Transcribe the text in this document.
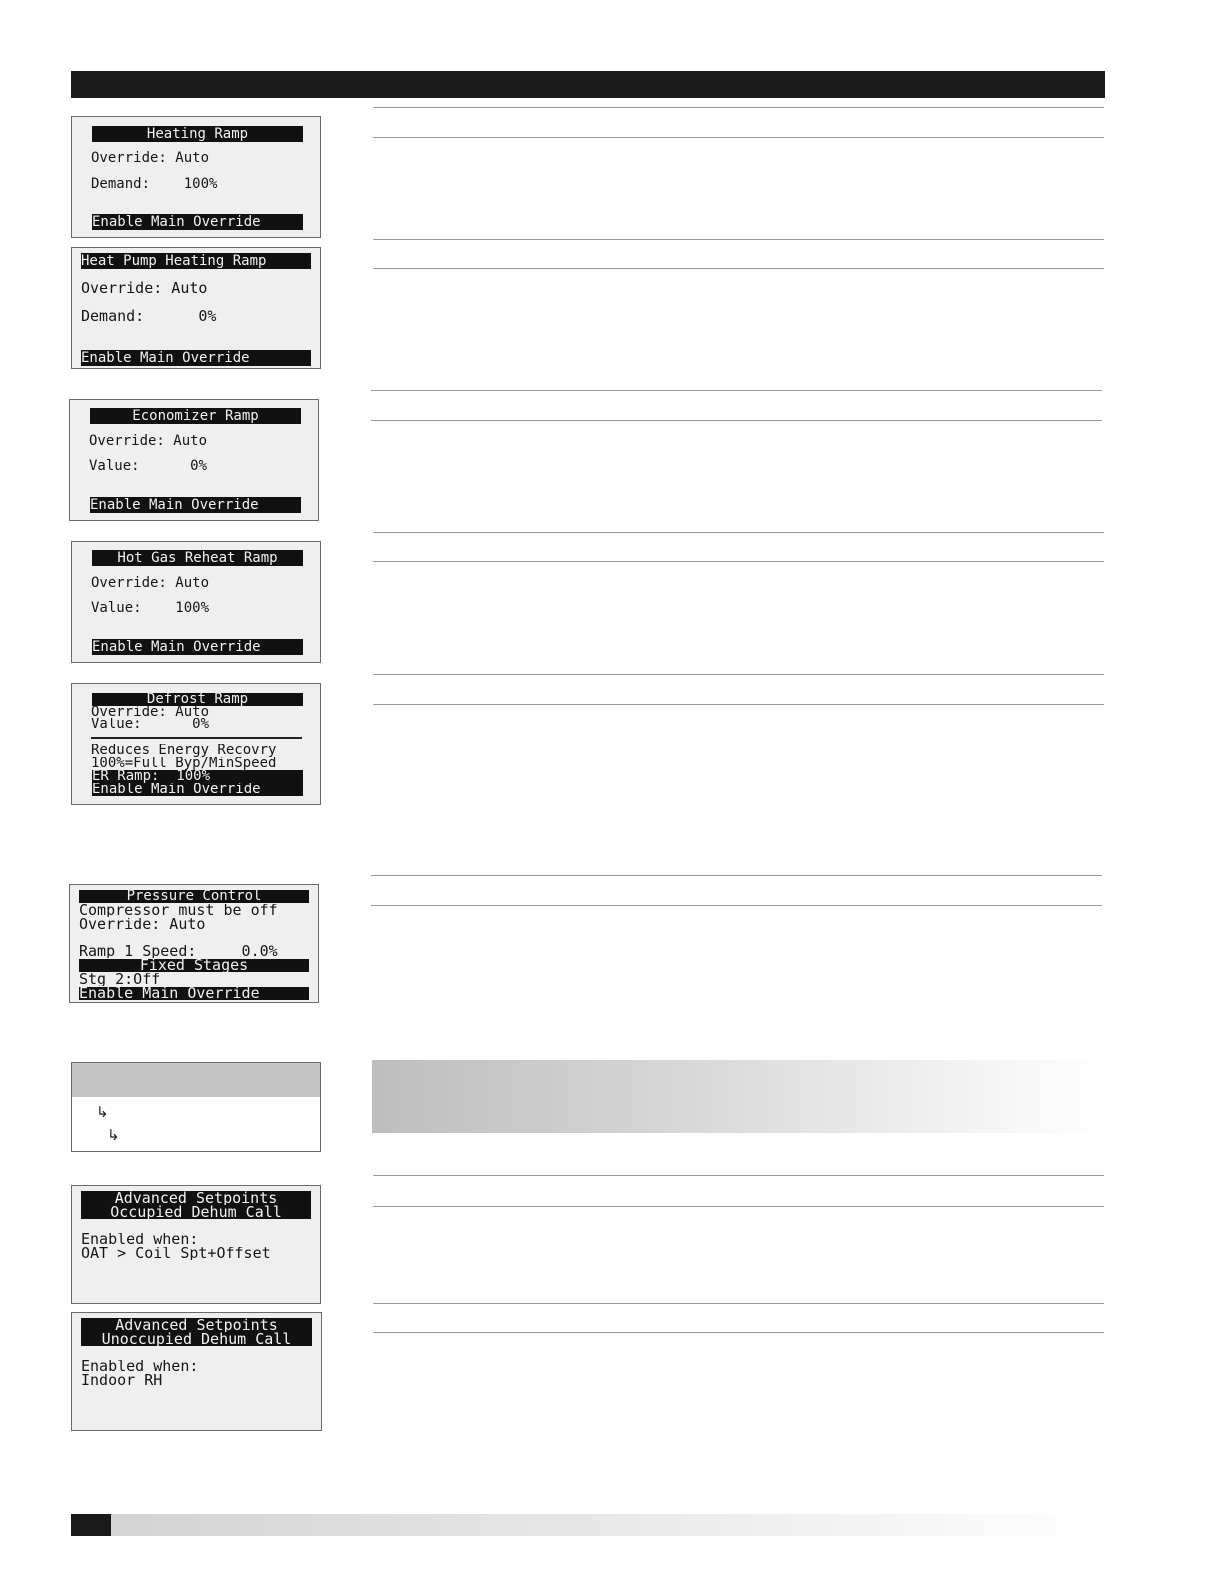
Heating Ramp
Override: Auto
Demand:    100%
Enable Main Override
Heat Pump Heating Ramp
Override: Auto
Demand:      0%
Enable Main Override
Economizer Ramp
Override: Auto
Value:      0%
Enable Main Override
Hot Gas Reheat Ramp
Override: Auto
Value:    100%
Enable Main Override
Defrost Ramp
Override: Auto
Value:      0%
Reduces Energy Recovry
100%=Full Byp/MinSpeed
ER Ramp:  100%
Enable Main Override
Pressure Control
Compressor must be off
Override: Auto
Ramp 1 Speed:     0.0%
Fixed Stages
Stg 2:Off
Enable Main Override
↳
↳
Advanced Setpoints
Occupied Dehum Call
Enabled when:
OAT > Coil Spt+Offset
Advanced Setpoints
Unoccupied Dehum Call
Enabled when:
Indoor RH
